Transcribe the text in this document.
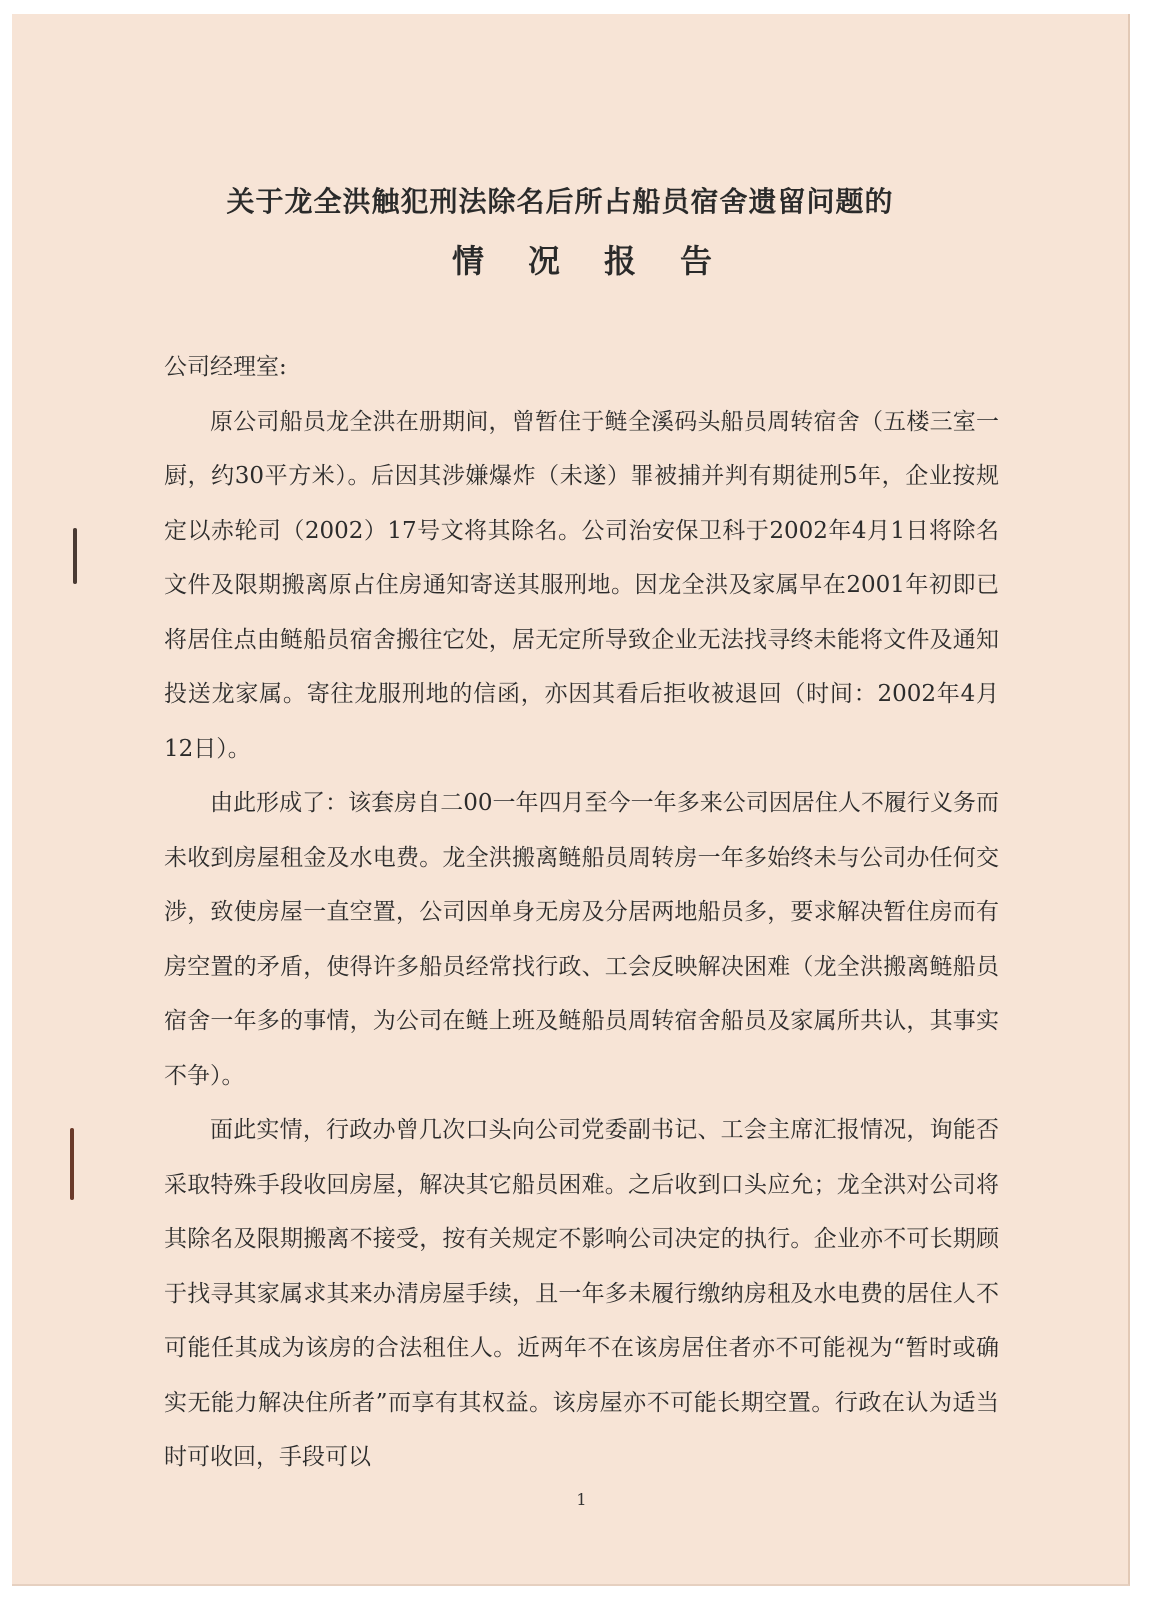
关于龙全洪触犯刑法除名后所占船员宿舍遗留问题的
情况报告

公司经理室:

原公司船员龙全洪在册期间，曾暂住于鲢全溪码头船员周转宿舍（五楼三室一厨，约30平方米）。后因其涉嫌爆炸（未遂）罪被捕并判有期徒刑5年，企业按规定以赤轮司（2002）17号文将其除名。公司治安保卫科于2002年4月1日将除名文件及限期搬离原占住房通知寄送其服刑地。因龙全洪及家属早在2001年初即已将居住点由鲢船员宿舍搬往它处，居无定所导致企业无法找寻终未能将文件及通知投送龙家属。寄往龙服刑地的信函，亦因其看后拒收被退回（时间：2002年4月12日）。

由此形成了：该套房自二00一年四月至今一年多来公司因居住人不履行义务而未收到房屋租金及水电费。龙全洪搬离鲢船员周转房一年多始终未与公司办任何交涉，致使房屋一直空置，公司因单身无房及分居两地船员多，要求解决暂住房而有房空置的矛盾，使得许多船员经常找行政、工会反映解决困难（龙全洪搬离鲢船员宿舍一年多的事情，为公司在鲢上班及鲢船员周转宿舍船员及家属所共认，其事实不争）。

面此实情，行政办曾几次口头向公司党委副书记、工会主席汇报情况，询能否采取特殊手段收回房屋，解决其它船员困难。之后收到口头应允；龙全洪对公司将其除名及限期搬离不接受，按有关规定不影响公司决定的执行。企业亦不可长期顾于找寻其家属求其来办清房屋手续，且一年多未履行缴纳房租及水电费的居住人不可能任其成为该房的合法租住人。近两年不在该房居住者亦不可能视为“暂时或确实无能力解决住所者”而享有其权益。该房屋亦不可能长期空置。行政在认为适当时可收回，手段可以

1
